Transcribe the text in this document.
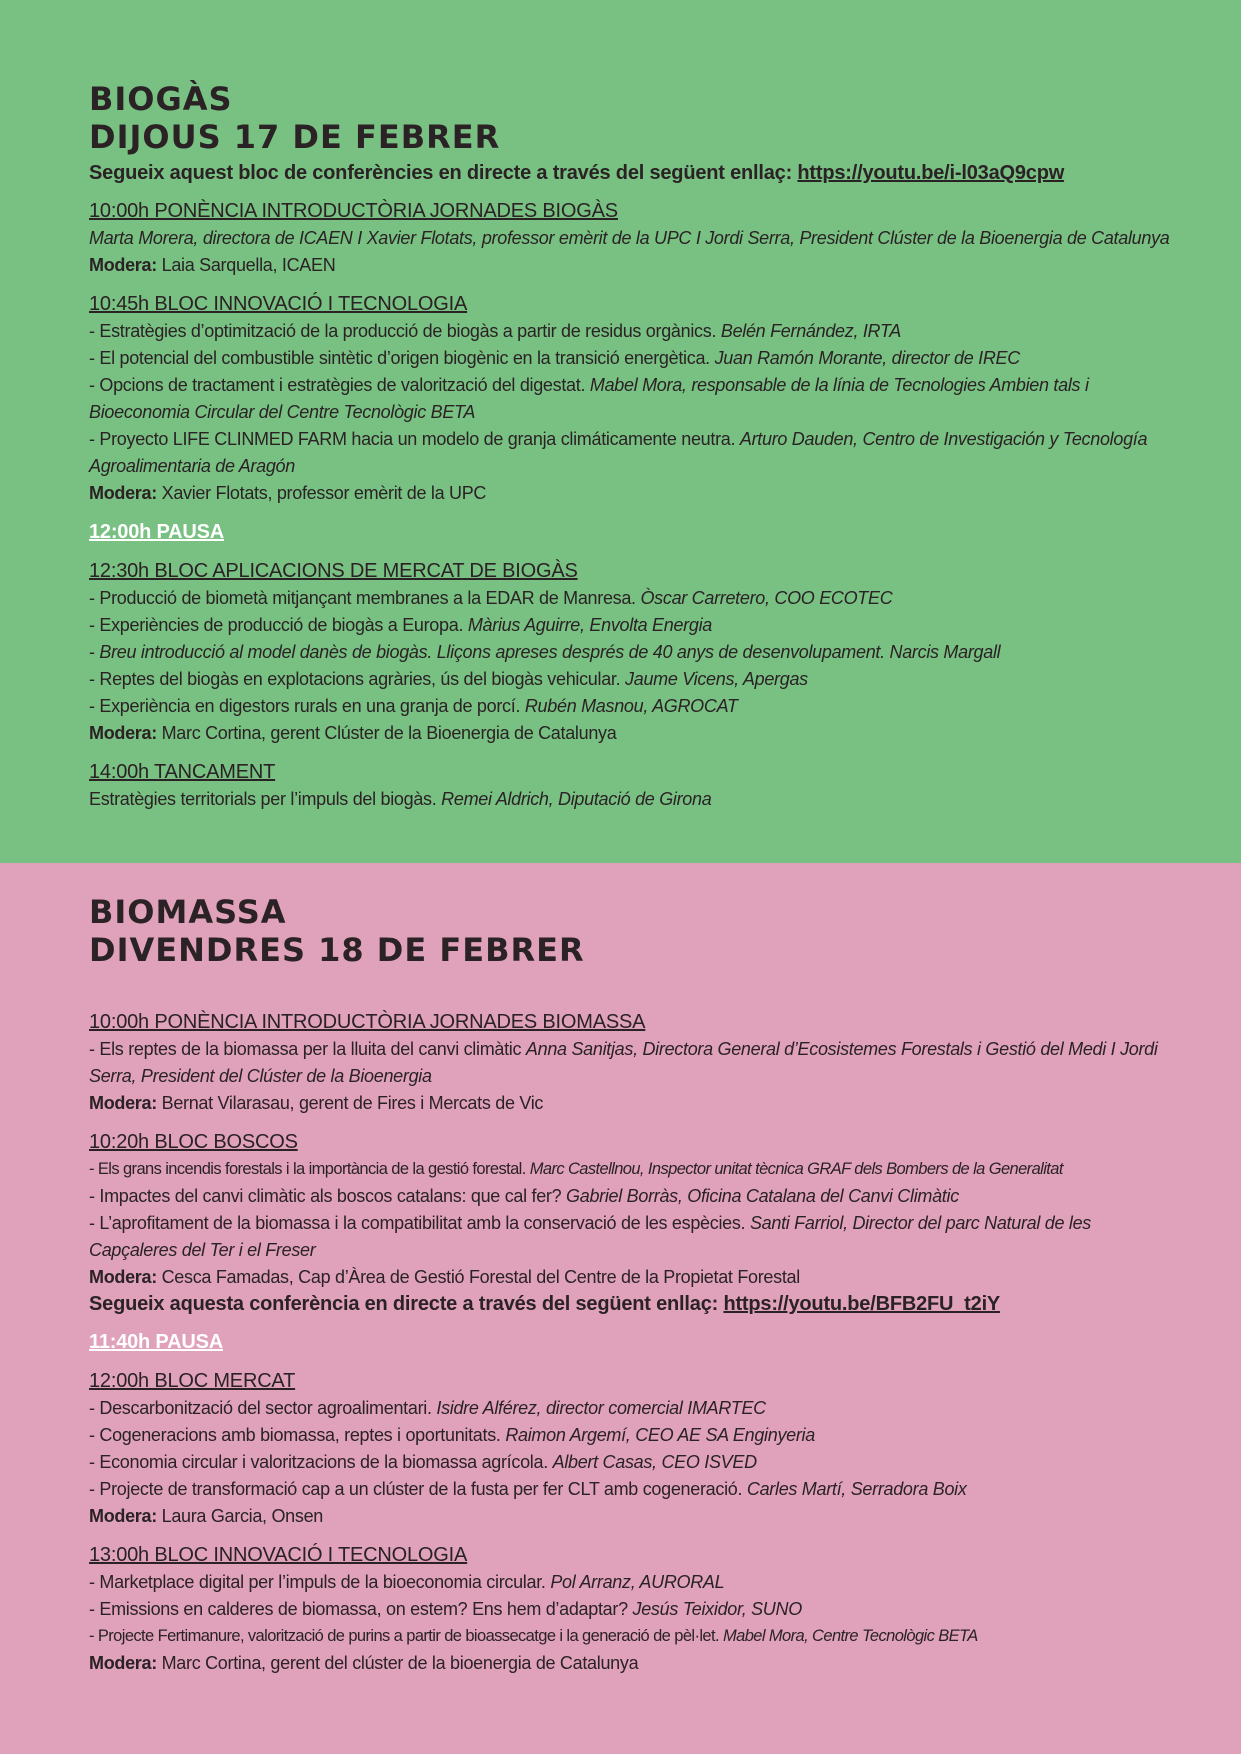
BIOGÀS
DIJOUS 17 DE FEBRER

Segueix aquest bloc de conferències en directe a través del següent enllaç: https://youtu.be/i-l03aQ9cpw

10:00h PONÈNCIA INTRODUCTÒRIA JORNADES BIOGÀS

Marta Morera, directora de ICAEN I Xavier Flotats, professor emèrit de la UPC I Jordi Serra, President Clúster de la Bioenergia de Catalunya

Modera: Laia Sarquella, ICAEN

10:45h BLOC INNOVACIÓ I TECNOLOGIA

- Estratègies d’optimització de la producció de biogàs a partir de residus orgànics. Belén Fernández, IRTA

- El potencial del combustible sintètic d’origen biogènic en la transició energètica. Juan Ramón Morante, director de IREC

- Opcions de tractament i estratègies de valorització del digestat. Mabel Mora, responsable de la línia de Tecnologies Ambien tals i Bioeconomia Circular del Centre Tecnològic BETA

- Proyecto LIFE CLINMED FARM hacia un modelo de granja climáticamente neutra. Arturo Dauden, Centro de Investigación y Tecnología Agroalimentaria de Aragón

Modera: Xavier Flotats, professor emèrit de la UPC

12:00h PAUSA

12:30h BLOC APLICACIONS DE MERCAT DE BIOGÀS

- Producció de biometà mitjançant membranes a la EDAR de Manresa. Òscar Carretero, COO ECOTEC

- Experiències de producció de biogàs a Europa. Màrius Aguirre, Envolta Energia

- Breu introducció al model danès de biogàs. Lliçons apreses després de 40 anys de desenvolupament. Narcis Margall

- Reptes del biogàs en explotacions agràries, ús del biogàs vehicular. Jaume Vicens, Apergas

- Experiència en digestors rurals en una granja de porcí. Rubén Masnou, AGROCAT

Modera: Marc Cortina, gerent Clúster de la Bioenergia de Catalunya

14:00h TANCAMENT

Estratègies territorials per l’impuls del biogàs. Remei Aldrich, Diputació de Girona

BIOMASSA
DIVENDRES 18 DE FEBRER

10:00h PONÈNCIA INTRODUCTÒRIA JORNADES BIOMASSA

- Els reptes de la biomassa per la lluita del canvi climàtic Anna Sanitjas, Directora General d’Ecosistemes Forestals i Gestió del Medi I Jordi Serra, President del Clúster de la Bioenergia

Modera: Bernat Vilarasau, gerent de Fires i Mercats de Vic

10:20h BLOC BOSCOS

- Els grans incendis forestals i la importància de la gestió forestal. Marc Castellnou, Inspector unitat tècnica GRAF dels Bombers de la Generalitat

- Impactes del canvi climàtic als boscos catalans: que cal fer? Gabriel Borràs, Oficina Catalana del Canvi Climàtic

- L’aprofitament de la biomassa i la compatibilitat amb la conservació de les espècies. Santi Farriol, Director del parc Natural de les Capçaleres del Ter i el Freser

Modera: Cesca Famadas, Cap d’Àrea de Gestió Forestal del Centre de la Propietat Forestal

Segueix aquesta conferència en directe a través del següent enllaç: https://youtu.be/BFB2FU_t2iY

11:40h PAUSA

12:00h BLOC MERCAT

- Descarbonització del sector agroalimentari. Isidre Alférez, director comercial IMARTEC

- Cogeneracions amb biomassa, reptes i oportunitats. Raimon Argemí, CEO AE SA Enginyeria

- Economia circular i valoritzacions de la biomassa agrícola. Albert Casas, CEO ISVED

- Projecte de transformació cap a un clúster de la fusta per fer CLT amb cogeneració. Carles Martí, Serradora Boix

Modera: Laura Garcia, Onsen

13:00h BLOC INNOVACIÓ I TECNOLOGIA

- Marketplace digital per l’impuls de la bioeconomia circular. Pol Arranz, AURORAL

- Emissions en calderes de biomassa, on estem? Ens hem d’adaptar? Jesús Teixidor, SUNO

- Projecte Fertimanure, valorització de purins a partir de bioassecatge i la generació de pèl·let. Mabel Mora, Centre Tecnològic BETA

Modera: Marc Cortina, gerent del clúster de la bioenergia de Catalunya
